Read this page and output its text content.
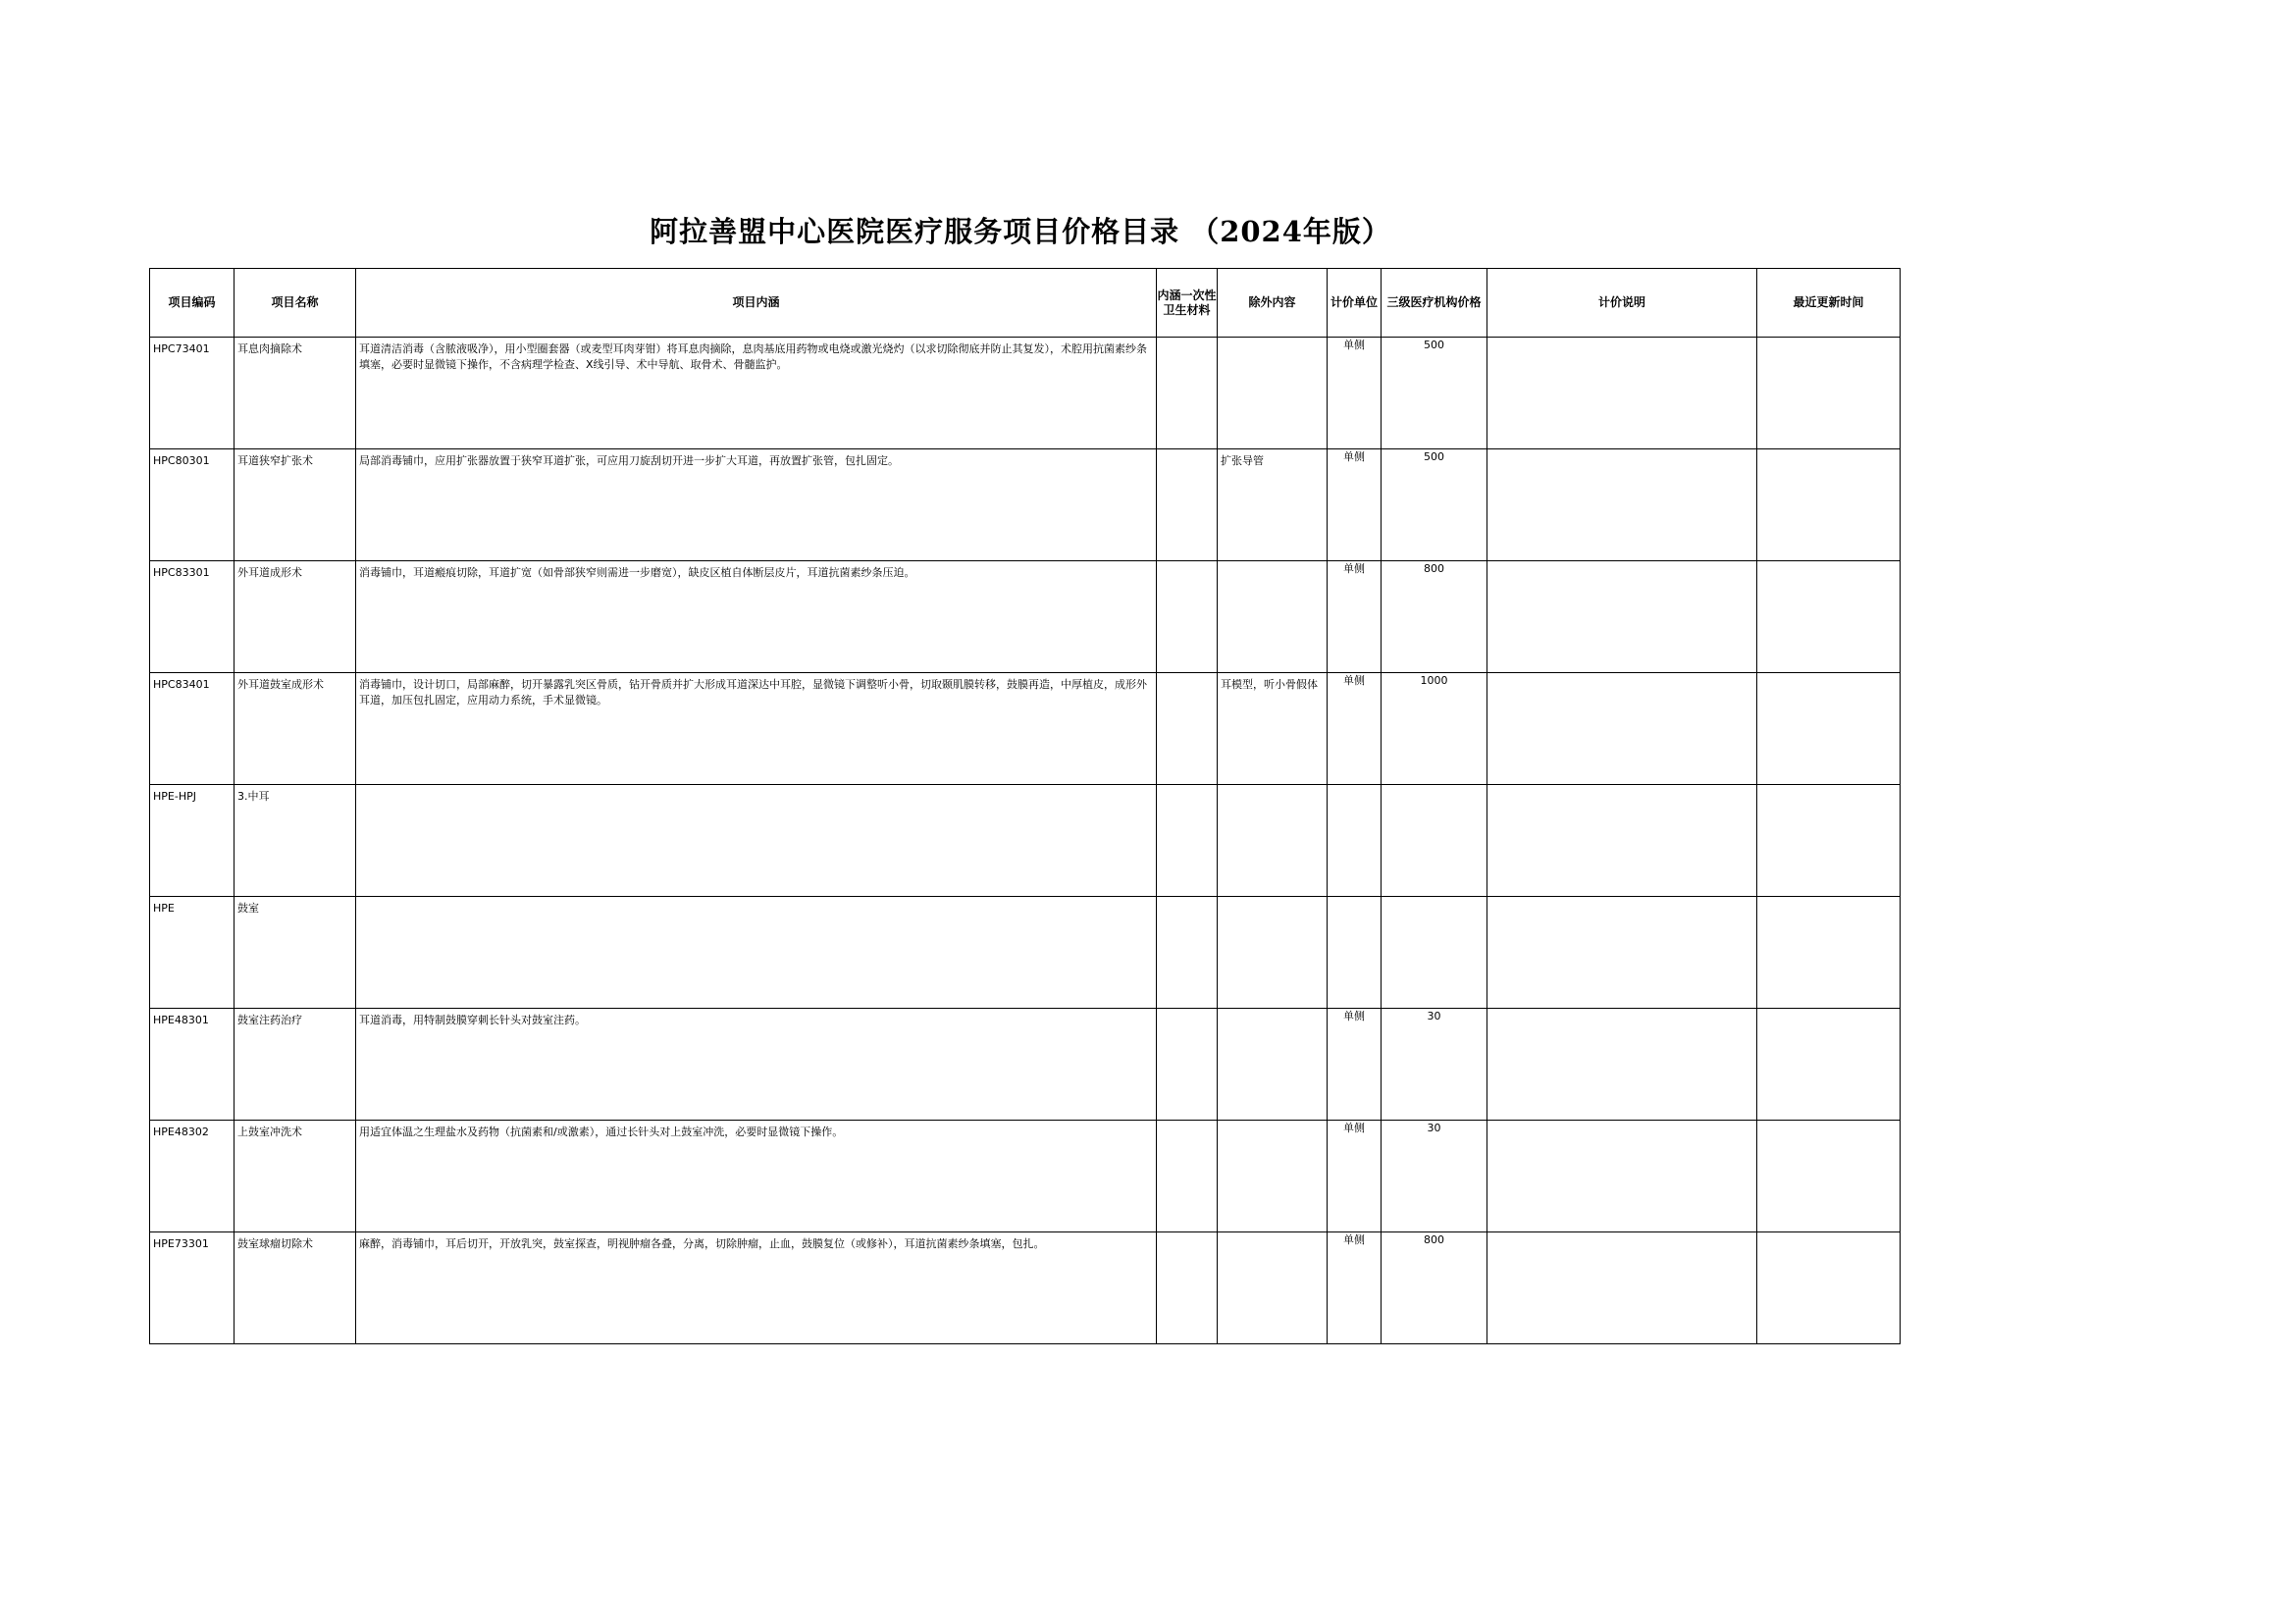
阿拉善盟中心医院医疗服务项目价格目录 （2024年版）
项目编码	项目名称	项目内涵	内涵一次性卫生材料	除外内容	计价单位	三级医疗机构价格	计价说明	最近更新时间

HPC73401	耳息肉摘除术	耳道清洁消毒（含脓液吸净），用小型圈套器（或麦型耳肉芽钳）将耳息肉摘除，息肉基底用药物或电烧或激光烧灼（以求切除彻底并防止其复发），术腔用抗菌素纱条填塞，必要时显微镜下操作，不含病理学检查、X线引导、术中导航、取骨术、骨髓监护。			单侧	500		

HPC80301	耳道狭窄扩张术	局部消毒铺巾，应用扩张器放置于狭窄耳道扩张，可应用刀旋刮切开进一步扩大耳道，再放置扩张管，包扎固定。		扩张导管	单侧	500		

HPC83301	外耳道成形术	消毒铺巾，耳道瘢痕切除，耳道扩宽（如骨部狭窄则需进一步磨宽），缺皮区植自体断层皮片，耳道抗菌素纱条压迫。			单侧	800		

HPC83401	外耳道鼓室成形术	消毒铺巾，设计切口，局部麻醉，切开暴露乳突区骨质，钻开骨质并扩大形成耳道深达中耳腔，显微镜下调整听小骨，切取颞肌膜转移，鼓膜再造，中厚植皮，成形外耳道，加压包扎固定，应用动力系统，手术显微镜。		耳模型，听小骨假体	单侧	1000		

HPE-HPJ	3.中耳							

HPE	鼓室							

HPE48301	鼓室注药治疗	耳道消毒，用特制鼓膜穿刺长针头对鼓室注药。			单侧	30		

HPE48302	上鼓室冲洗术	用适宜体温之生理盐水及药物（抗菌素和/或激素），通过长针头对上鼓室冲洗，必要时显微镜下操作。			单侧	30		

HPE73301	鼓室球瘤切除术	麻醉，消毒铺巾，耳后切开，开放乳突，鼓室探查，明视肿瘤各叠，分离，切除肿瘤，止血，鼓膜复位（或修补），耳道抗菌素纱条填塞，包扎。			单侧	800		
